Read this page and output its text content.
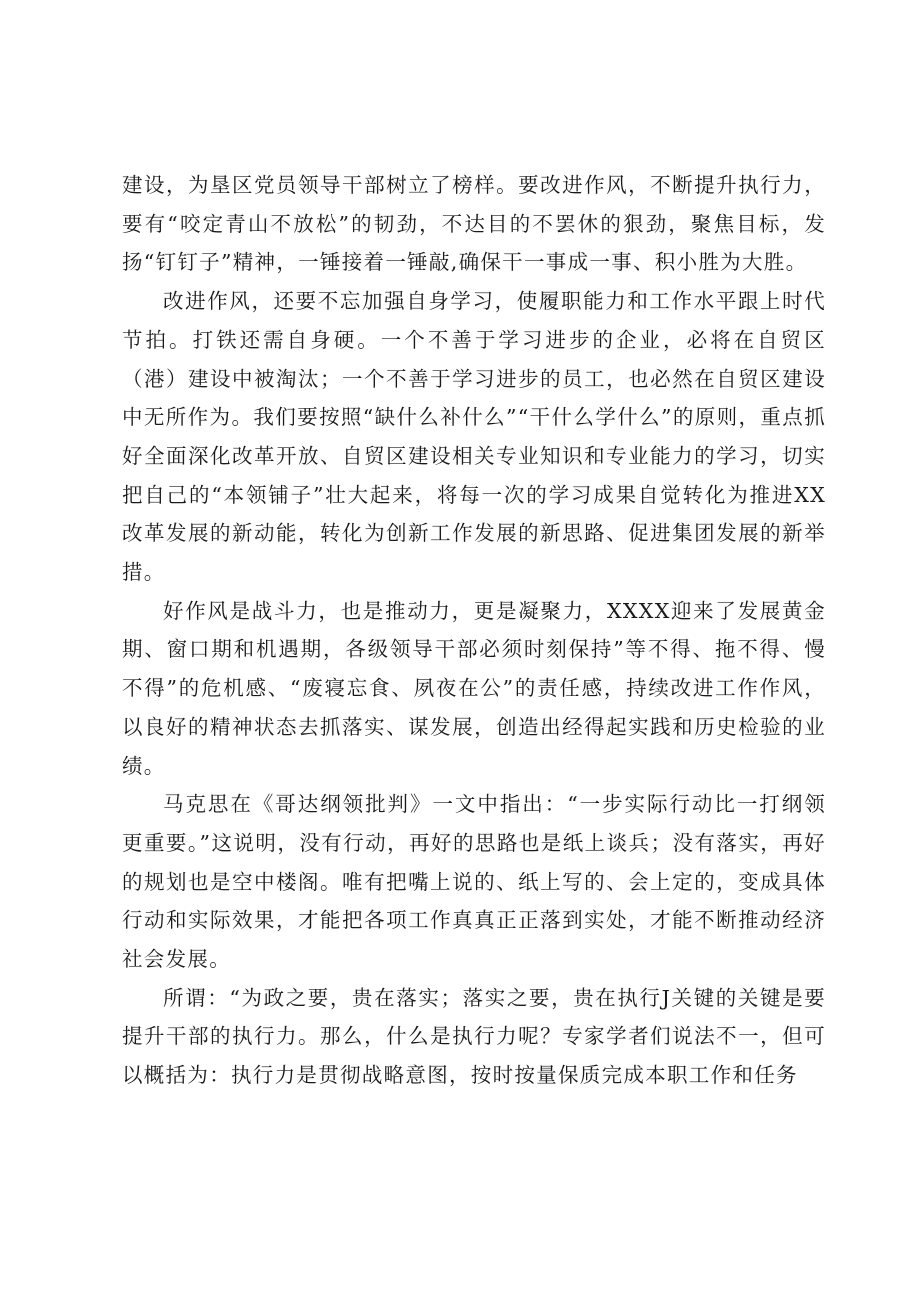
建设，为垦区党员领导干部树立了榜样。要改进作风，不断提升执行力，要有“咬定青山不放松”的韧劲，不达目的不罢休的狠劲，聚焦目标，发扬“钉钉子”精神，一锤接着一锤敲,确保干一事成一事、积小胜为大胜。

改进作风，还要不忘加强自身学习，使履职能力和工作水平跟上时代节拍。打铁还需自身硬。一个不善于学习进步的企业，必将在自贸区（港）建设中被淘汰；一个不善于学习进步的员工，也必然在自贸区建设中无所作为。我们要按照“缺什么补什么”“干什么学什么”的原则，重点抓好全面深化改革开放、自贸区建设相关专业知识和专业能力的学习，切实把自己的“本领铺子”壮大起来，将每一次的学习成果自觉转化为推进XX改革发展的新动能，转化为创新工作发展的新思路、促进集团发展的新举措。

好作风是战斗力，也是推动力，更是凝聚力，XXXX迎来了发展黄金期、窗口期和机遇期，各级领导干部必须时刻保持”等不得、拖不得、慢不得”的危机感、“废寝忘食、夙夜在公”的责任感，持续改进工作作风，以良好的精神状态去抓落实、谋发展，创造出经得起实践和历史检验的业绩。

马克思在《哥达纲领批判》一文中指出：“一步实际行动比一打纲领更重要。”这说明，没有行动，再好的思路也是纸上谈兵；没有落实，再好的规划也是空中楼阁。唯有把嘴上说的、纸上写的、会上定的，变成具体行动和实际效果，才能把各项工作真真正正落到实处，才能不断推动经济社会发展。

所谓：“为政之要，贵在落实；落实之要，贵在执行J关键的关键是要提升干部的执行力。那么，什么是执行力呢？专家学者们说法不一，但可以概括为：执行力是贯彻战略意图，按时按量保质完成本职工作和任务
